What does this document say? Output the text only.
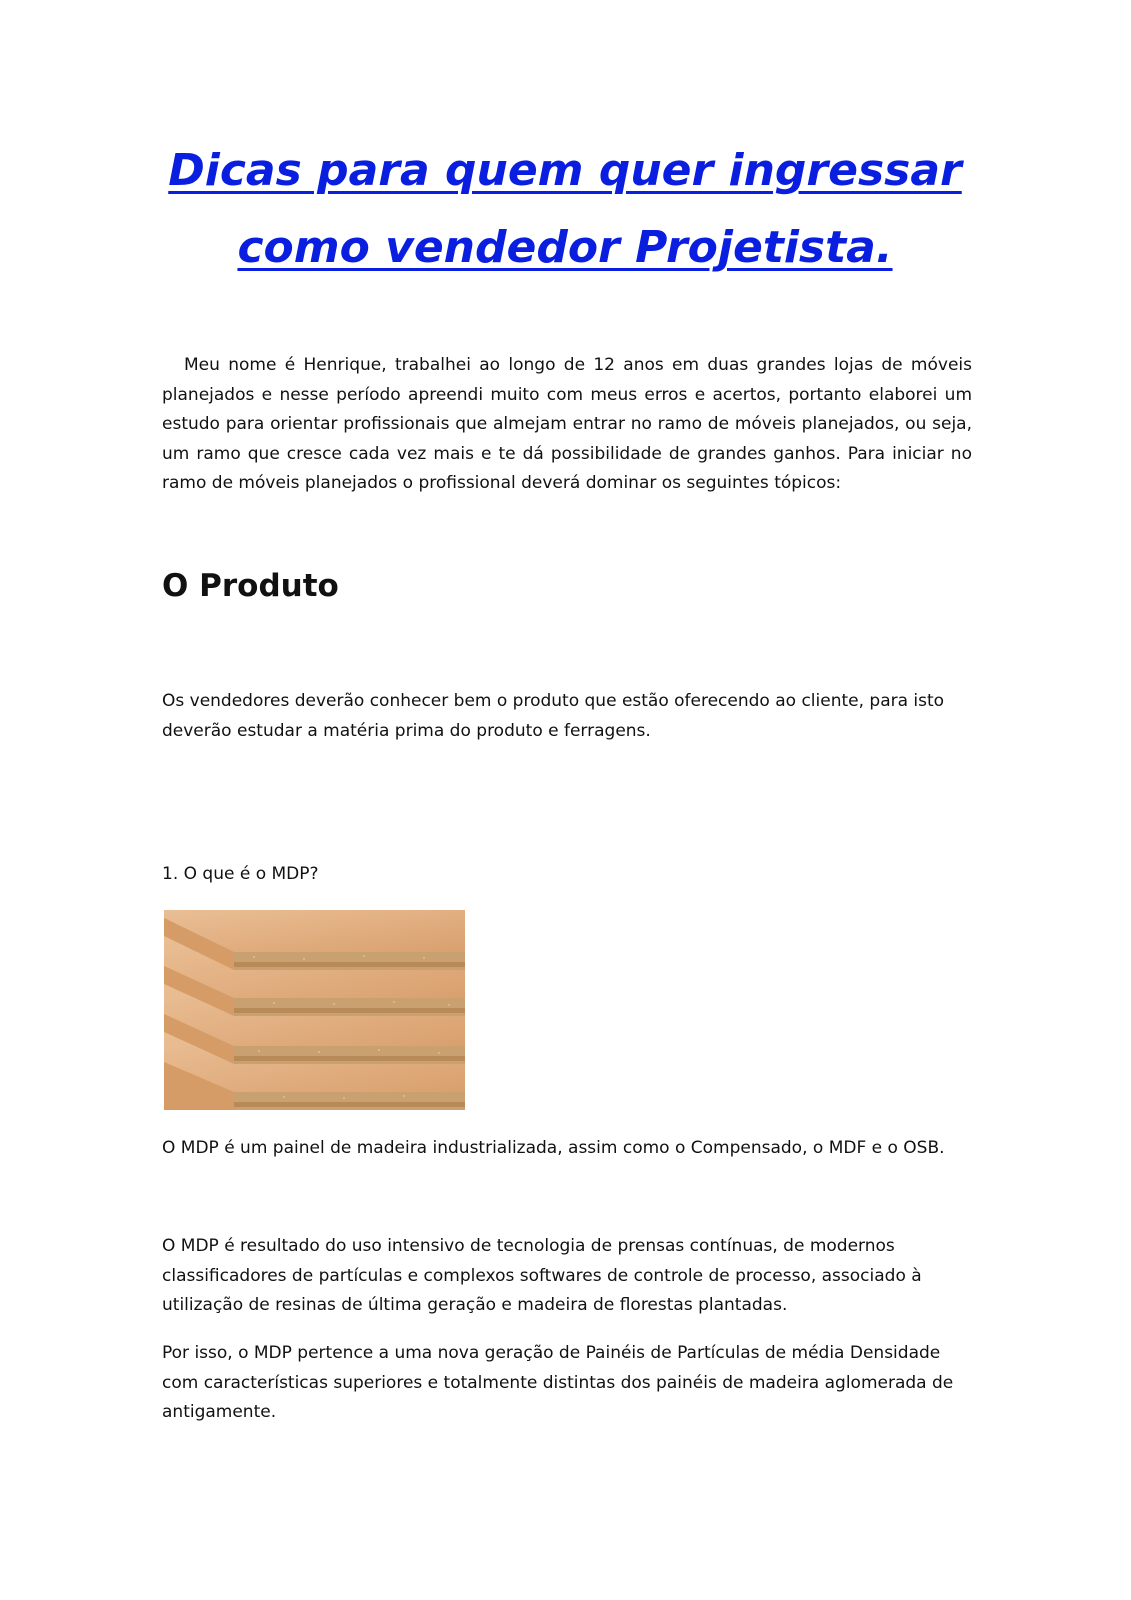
Dicas para quem quer ingressar
como vendedor Projetista.

Meu nome é Henrique, trabalhei ao longo de 12 anos em duas grandes lojas de móveis planejados e nesse período apreendi muito com meus erros e acertos, portanto elaborei um estudo para orientar profissionais que almejam entrar no ramo de móveis planejados, ou seja, um ramo que cresce cada vez mais e te dá possibilidade de grandes ganhos. Para iniciar no ramo de móveis planejados o profissional deverá dominar os seguintes tópicos:

O Produto

Os vendedores deverão conhecer bem o produto que estão oferecendo ao cliente, para isto deverão estudar a matéria prima do produto e ferragens.

1. O que é o MDP?

O MDP é um painel de madeira industrializada, assim como o Compensado, o MDF e o OSB.

O MDP é resultado do uso intensivo de tecnologia de prensas contínuas, de modernos classificadores de partículas e complexos softwares de controle de processo, associado à utilização de resinas de última geração e madeira de florestas plantadas.

Por isso, o MDP pertence a uma nova geração de Painéis de Partículas de média Densidade com características superiores e totalmente distintas dos painéis de madeira aglomerada de antigamente.
